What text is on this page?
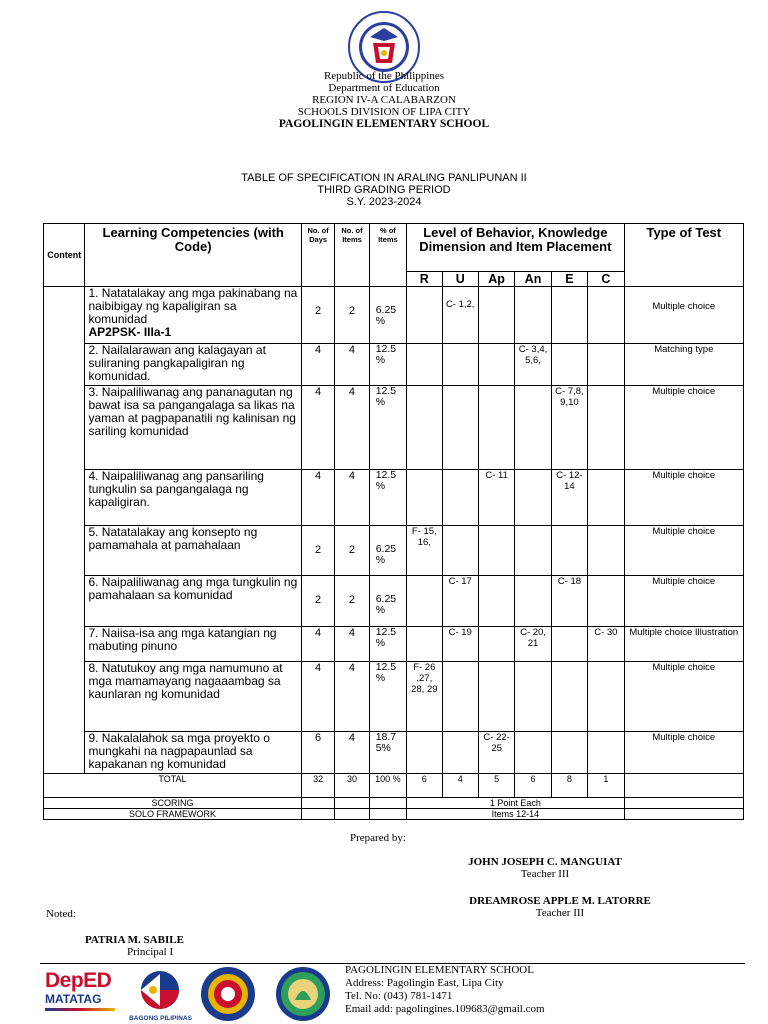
Republic of the Philippines
Department of Education
REGION IV-A CALABARZON
SCHOOLS DIVISION OF LIPA CITY
PAGOLINGIN ELEMENTARY SCHOOL
TABLE OF SPECIFICATION IN ARALING PANLIPUNAN II
THIRD GRADING PERIOD
S.Y. 2023-2024
Content	Learning Competencies (with Code)	No. of Days	No. of Items	% of Items	Level of Behavior, Knowledge Dimension and Item Placement						Type of Test
					R	U	Ap	An	E	C	
	1. Natatalakay ang mga pakinabang na naibibigay ng kapaligiran sa komunidad
AP2PSK- IIIa-1	2	2	6.25 %		C- 1,2,					Multiple choice
	2. Nailalarawan ang kalagayan at suliraning pangkapaligiran ng komunidad.	4	4	12.5 %				C- 3,4, 5,6,			Matching type
	3. Naipaliliwanag ang pananagutan ng bawat isa sa pangangalaga sa likas na yaman at pagpapanatili ng kalinisan ng sariling komunidad	4	4	12.5 %					C- 7,8, 9,10		Multiple choice
	4. Naipaliliwanag ang pansariling tungkulin sa pangangalaga ng kapaligiran.	4	4	12.5 %			C- 11		C- 12- 14		Multiple choice
	5. Natatalakay ang konsepto ng pamamahala at pamahalaan	2	2	6.25 %	F- 15, 16,						Multiple choice
	6. Naipaliliwanag ang mga tungkulin ng pamahalaan sa komunidad	2	2	6.25 %		C- 17			C- 18		Multiple choice
	7. Naiisa-isa ang mga katangian ng mabuting pinuno	4	4	12.5 %		C- 19		C- 20, 21		C- 30	Multiple choice Illustration
	8. Natutukoy ang mga namumuno at mga mamamayang nagaaambag sa kaunlaran ng komunidad	4	4	12.5 %	F- 26 ,27, 28, 29						Multiple choice
	9. Nakalalahok sa mga proyekto o mungkahi na nagpapaunlad sa kapakanan ng komunidad	6	4	18.7 5%			C- 22- 25				Multiple choice
TOTAL		32	30	100 %	6	4	5	6	8	1	
SCORING					1 Point Each						
SOLO FRAMEWORK					Items 12-14						
Prepared by:
JOHN JOSEPH C. MANGUIAT
Teacher III
DREAMROSE APPLE M. LATORRE
Teacher III
Noted:
PATRIA M. SABILE
Principal I
DepED
MATATAG
BAGONG PILIPINAS
PAGOLINGIN ELEMENTARY SCHOOL
Address: Pagolingin East, Lipa City
Tel. No: (043) 781-1471
Email add: pagolingines.109683@gmail.com
